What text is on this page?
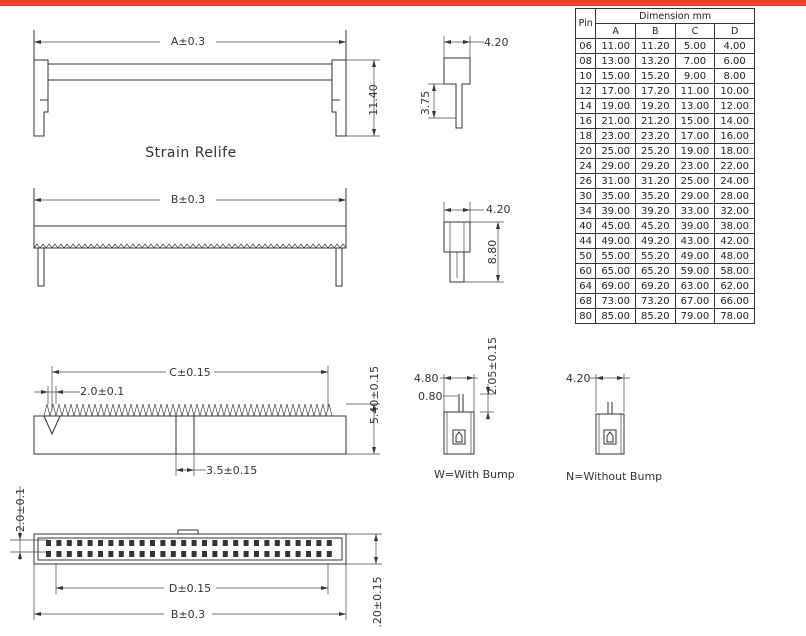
A±0.3
11.40
Strain Relife
4.20
3.75
B±0.3
4.20
8.80
C±0.15
2.0±0.1	5.40±0.15
3.5±0.15
4.80
0.80
2.05±0.15
W=With Bump
4.20
N=Without Bump
2.0±0.1
D±0.15
B±0.3	.20±0.15
Pin	Dimension mm			
	A	B	C	D
06	11.00	11.20	5.00	4.00
08	13.00	13.20	7.00	6.00
10	15.00	15.20	9.00	8.00
12	17.00	17.20	11.00	10.00
14	19.00	19.20	13.00	12.00
16	21.00	21.20	15.00	14.00
18	23.00	23.20	17.00	16.00
20	25.00	25.20	19.00	18.00
24	29.00	29.20	23.00	22.00
26	31.00	31.20	25.00	24.00
30	35.00	35.20	29.00	28.00
34	39.00	39.20	33.00	32.00
40	45.00	45.20	39.00	38.00
44	49.00	49.20	43.00	42.00
50	55.00	55.20	49.00	48.00
60	65.00	65.20	59.00	58.00
64	69.00	69.20	63.00	62.00
68	73.00	73.20	67.00	66.00
80	85.00	85.20	79.00	78.00
